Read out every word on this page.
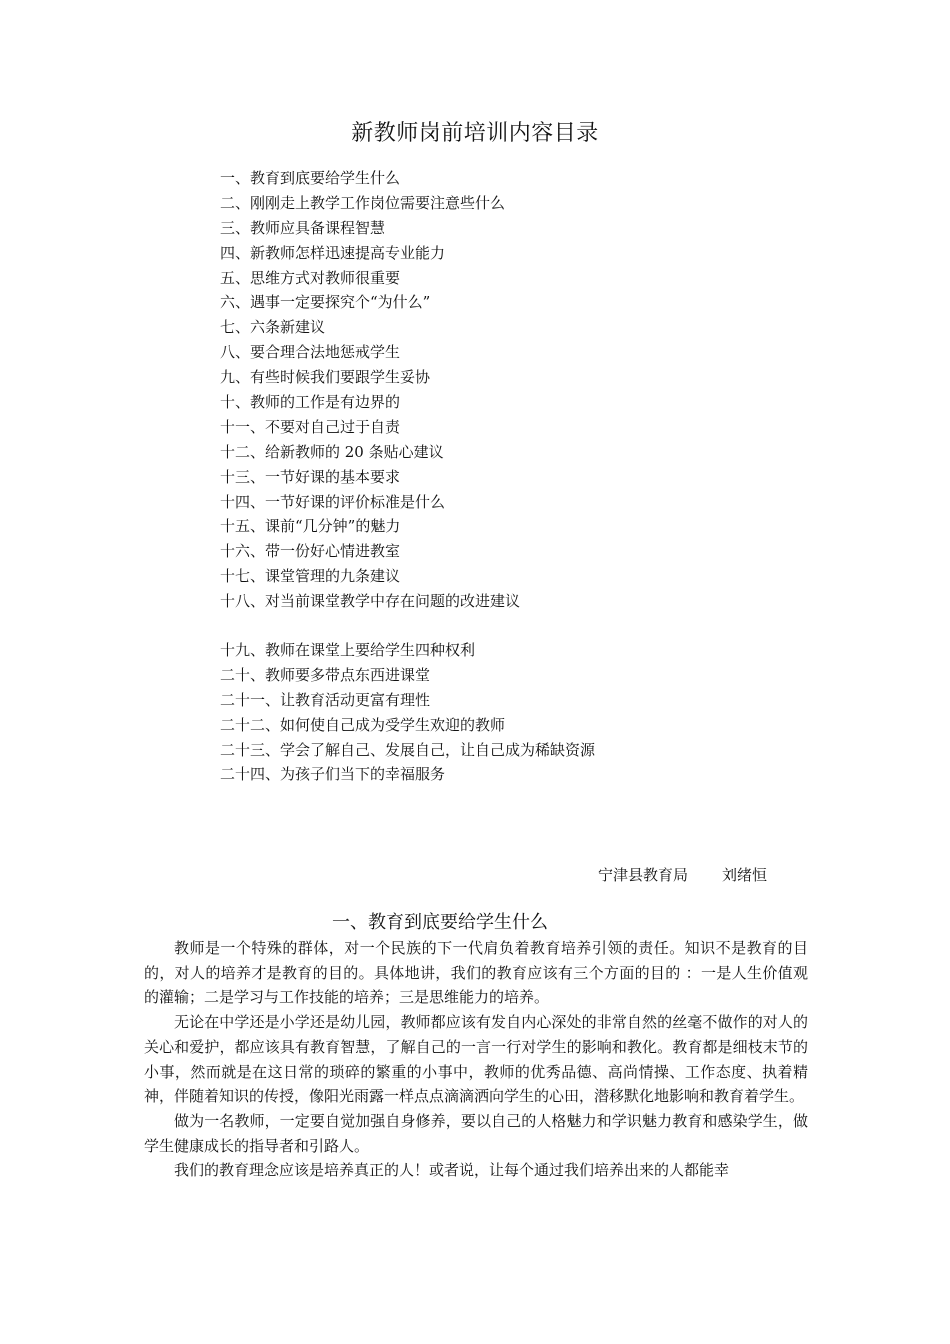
新教师岗前培训内容目录
一、教育到底要给学生什么
二、刚刚走上教学工作岗位需要注意些什么
三、教师应具备课程智慧
四、新教师怎样迅速提高专业能力
五、思维方式对教师很重要
六、遇事一定要探究个“为什么”
七、六条新建议
八、要合理合法地惩戒学生
九、有些时候我们要跟学生妥协
十、教师的工作是有边界的
十一、不要对自己过于自责
十二、给新教师的 20 条贴心建议
十三、一节好课的基本要求
十四、一节好课的评价标准是什么
十五、课前“几分钟”的魅力
十六、带一份好心情进教室
十七、课堂管理的九条建议
十八、对当前课堂教学中存在问题的改进建议
十九、教师在课堂上要给学生四种权利
二十、教师要多带点东西进课堂
二十一、让教育活动更富有理性
二十二、如何使自己成为受学生欢迎的教师
二十三、学会了解自己、发展自己，让自己成为稀缺资源
二十四、为孩子们当下的幸福服务
宁津县教育局 刘绪恒
一、教育到底要给学生什么

教师是一个特殊的群体，对一个民族的下一代肩负着教育培养引领的责任。知识不是教育的目的，对人的培养才是教育的目的。具体地讲，我们的教育应该有三个方面的目的 ：一是人生价值观的灌输；二是学习与工作技能的培养；三是思维能力的培养。

无论在中学还是小学还是幼儿园，教师都应该有发自内心深处的非常自然的丝毫不做作的对人的关心和爱护，都应该具有教育智慧，了解自己的一言一行对学生的影响和教化。教育都是细枝末节的小事，然而就是在这日常的琐碎的繁重的小事中，教师的优秀品德、高尚情操、工作态度、执着精神，伴随着知识的传授，像阳光雨露一样点点滴滴洒向学生的心田，潜移默化地影响和教育着学生。

做为一名教师，一定要自觉加强自身修养，要以自己的人格魅力和学识魅力教育和感染学生，做学生健康成长的指导者和引路人。

我们的教育理念应该是培养真正的人！或者说，让每个通过我们培养出来的人都能幸
